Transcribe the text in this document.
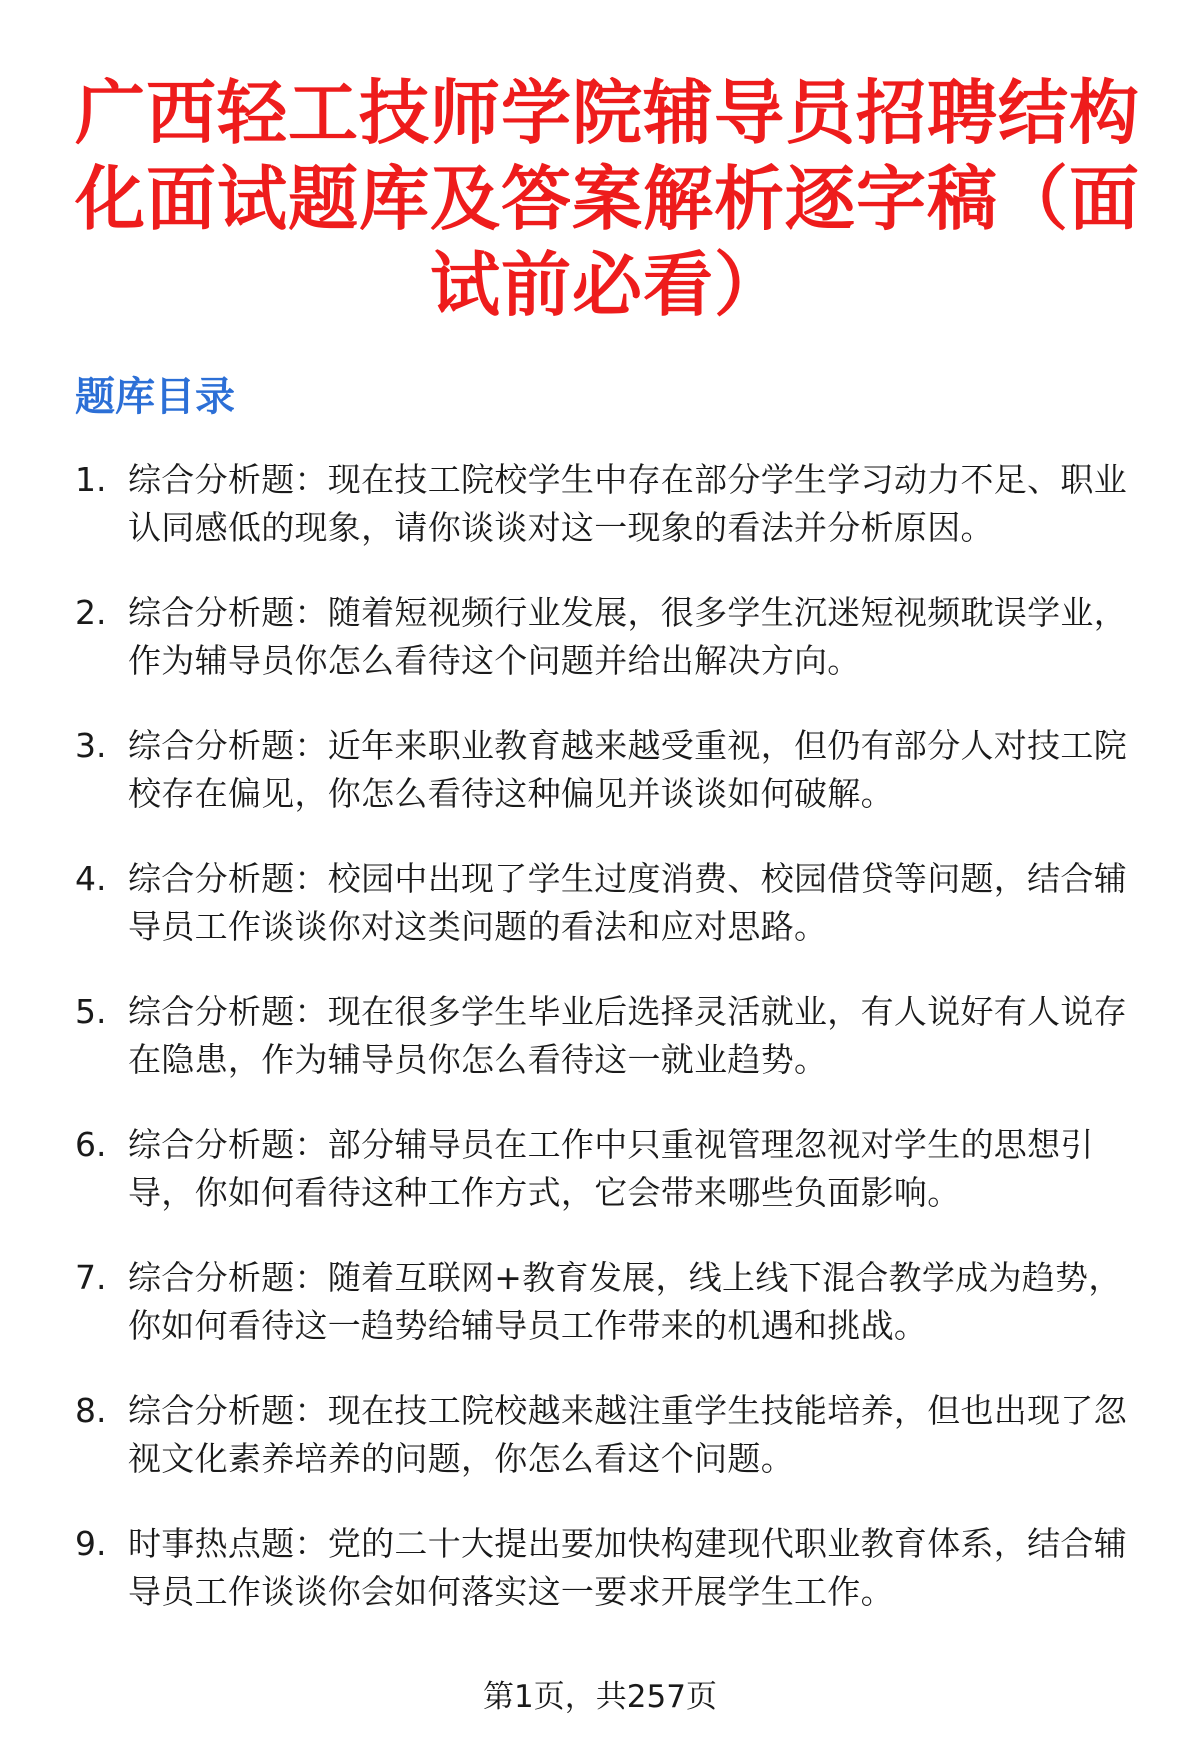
广西轻工技师学院辅导员招聘结构化面试题库及答案解析逐字稿（面试前必看）
题库目录
1. 综合分析题：现在技工院校学生中存在部分学生学习动力不足、职业认同感低的现象，请你谈谈对这一现象的看法并分析原因。
2. 综合分析题：随着短视频行业发展，很多学生沉迷短视频耽误学业，作为辅导员你怎么看待这个问题并给出解决方向。
3. 综合分析题：近年来职业教育越来越受重视，但仍有部分人对技工院校存在偏见，你怎么看待这种偏见并谈谈如何破解。
4. 综合分析题：校园中出现了学生过度消费、校园借贷等问题，结合辅导员工作谈谈你对这类问题的看法和应对思路。
5. 综合分析题：现在很多学生毕业后选择灵活就业，有人说好有人说存在隐患，作为辅导员你怎么看待这一就业趋势。
6. 综合分析题：部分辅导员在工作中只重视管理忽视对学生的思想引导，你如何看待这种工作方式，它会带来哪些负面影响。
7. 综合分析题：随着互联网+教育发展，线上线下混合教学成为趋势，你如何看待这一趋势给辅导员工作带来的机遇和挑战。
8. 综合分析题：现在技工院校越来越注重学生技能培养，但也出现了忽视文化素养培养的问题，你怎么看这个问题。
9. 时事热点题：党的二十大提出要加快构建现代职业教育体系，结合辅导员工作谈谈你会如何落实这一要求开展学生工作。
第1页，共257页
